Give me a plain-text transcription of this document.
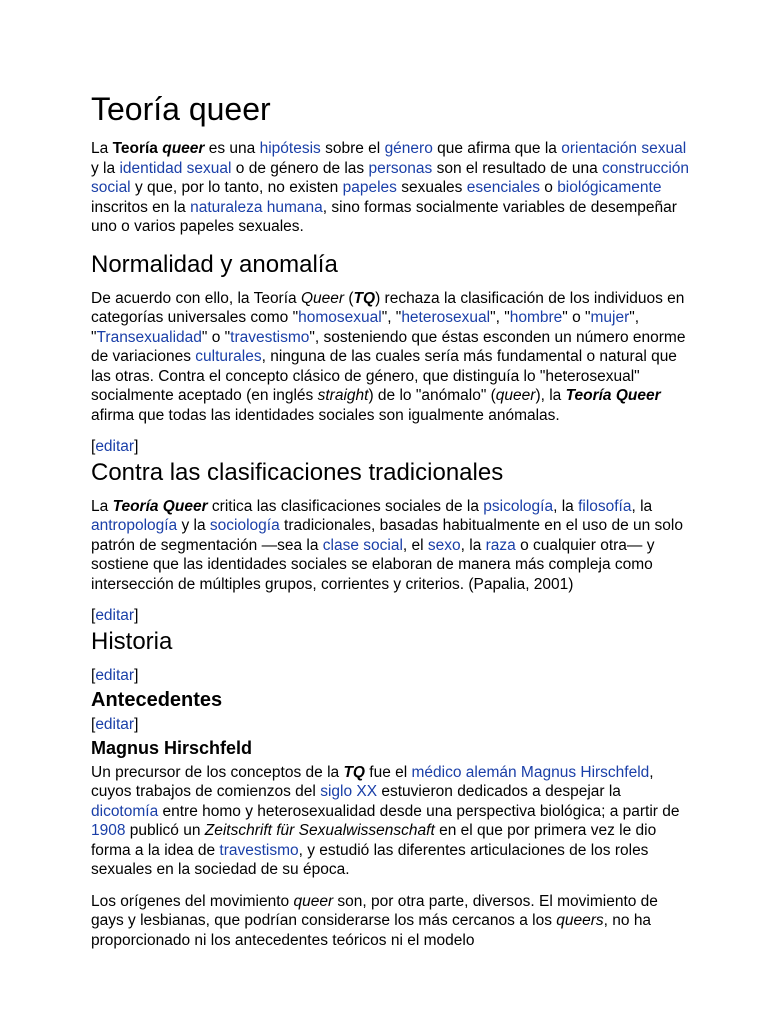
Teoría queer

La Teoría queer es una hipótesis sobre el género que afirma que la orientación sexual y la identidad sexual o de género de las personas son el resultado de una construcción social y que, por lo tanto, no existen papeles sexuales esenciales o biológicamente inscritos en la naturaleza humana, sino formas socialmente variables de desempeñar uno o varios papeles sexuales.

Normalidad y anomalía

De acuerdo con ello, la Teoría Queer (TQ) rechaza la clasificación de los individuos en categorías universales como "homosexual", "heterosexual", "hombre" o "mujer", "Transexualidad" o "travestismo", sosteniendo que éstas esconden un número enorme de variaciones culturales, ninguna de las cuales sería más fundamental o natural que las otras. Contra el concepto clásico de género, que distinguía lo "heterosexual" socialmente aceptado (en inglés straight) de lo "anómalo" (queer), la Teoría Queer afirma que todas las identidades sociales son igualmente anómalas.

[editar]
Contra las clasificaciones tradicionales

La Teoría Queer critica las clasificaciones sociales de la psicología, la filosofía, la antropología y la sociología tradicionales, basadas habitualmente en el uso de un solo patrón de segmentación —sea la clase social, el sexo, la raza o cualquier otra— y sostiene que las identidades sociales se elaboran de manera más compleja como intersección de múltiples grupos, corrientes y criterios. (Papalia, 2001)

[editar]
Historia
[editar]
Antecedentes
[editar]
Magnus Hirschfeld

Un precursor de los conceptos de la TQ fue el médico alemán Magnus Hirschfeld, cuyos trabajos de comienzos del siglo XX estuvieron dedicados a despejar la dicotomía entre homo y heterosexualidad desde una perspectiva biológica; a partir de 1908 publicó un Zeitschrift für Sexualwissenschaft en el que por primera vez le dio forma a la idea de travestismo, y estudió las diferentes articulaciones de los roles sexuales en la sociedad de su época.

Los orígenes del movimiento queer son, por otra parte, diversos. El movimiento de gays y lesbianas, que podrían considerarse los más cercanos a los queers, no ha proporcionado ni los antecedentes teóricos ni el modelo
